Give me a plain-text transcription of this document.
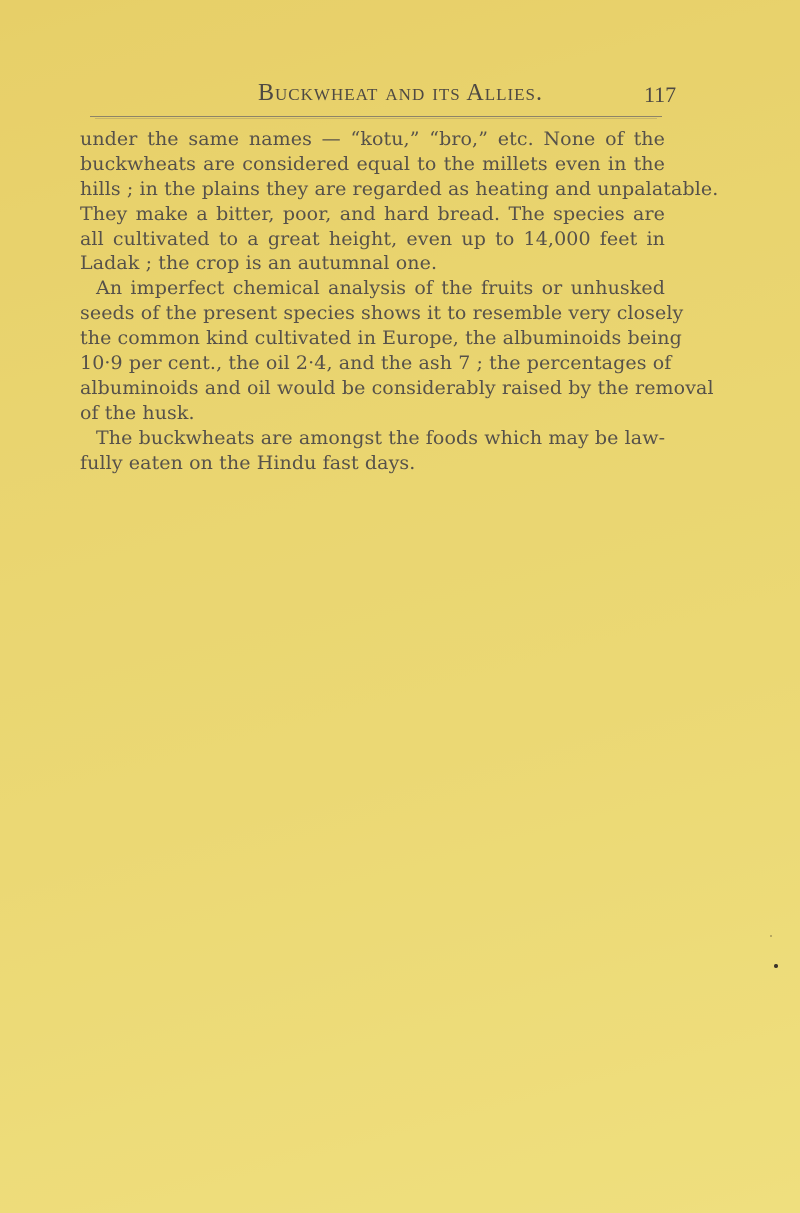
Buckwheat and its Allies.	117
under the same names — “kotu,” “bro,” etc. None of the
buckwheats are considered equal to the millets even in the
hills ; in the plains they are regarded as heating and unpalatable.
They make a bitter, poor, and hard bread. The species are
all cultivated to a great height, even up to 14,000 feet in
Ladak ; the crop is an autumnal one.
An imperfect chemical analysis of the fruits or unhusked
seeds of the present species shows it to resemble very closely
the common kind cultivated in Europe, the albuminoids being
10·9 per cent., the oil 2·4, and the ash 7 ; the percentages of
albuminoids and oil would be considerably raised by the removal
of the husk.
The buckwheats are amongst the foods which may be law-
fully eaten on the Hindu fast days.
